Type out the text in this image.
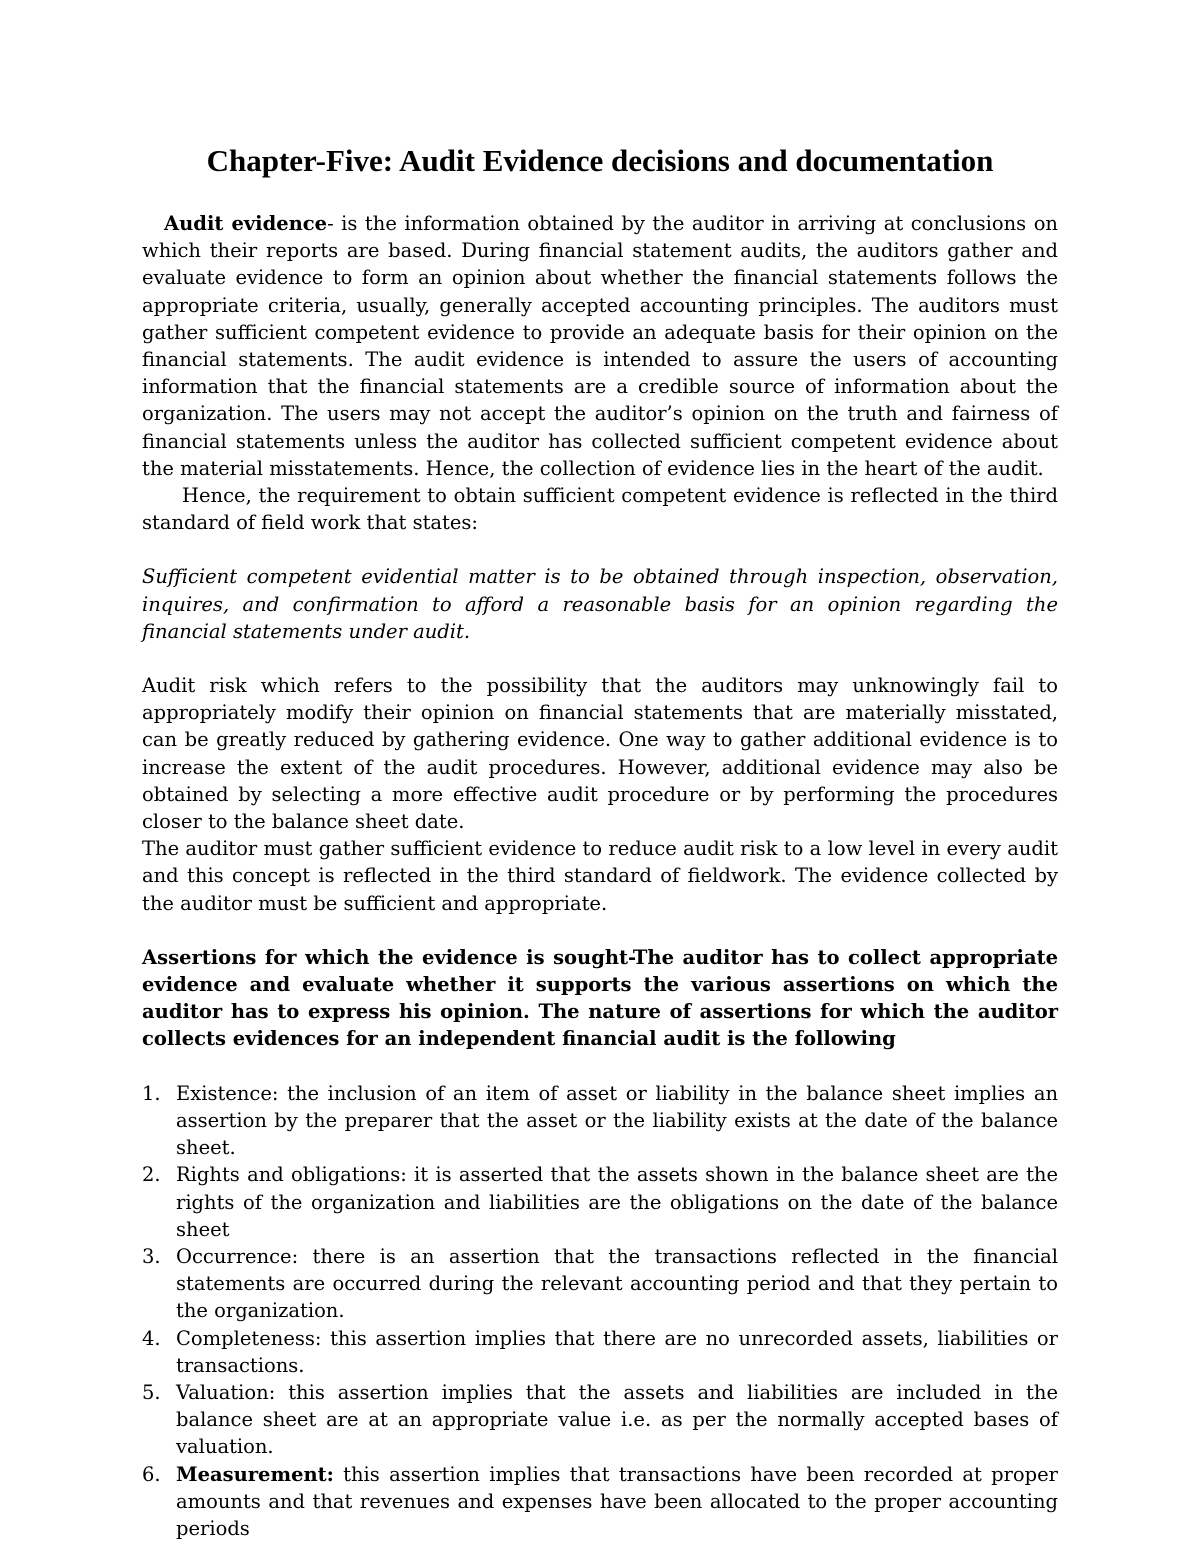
Chapter-Five: Audit Evidence decisions and documentation

Audit evidence- is the information obtained by the auditor in arriving at conclusions on which their reports are based. During financial statement audits, the auditors gather and evaluate evidence to form an opinion about whether the financial statements follows the appropriate criteria, usually, generally accepted accounting principles. The auditors must gather sufficient competent evidence to provide an adequate basis for their opinion on the financial statements. The audit evidence is intended to assure the users of accounting information that the financial statements are a credible source of information about the organization. The users may not accept the auditor’s opinion on the truth and fairness of financial statements unless the auditor has collected sufficient competent evidence about the material misstatements. Hence, the collection of evidence lies in the heart of the audit.

Hence, the requirement to obtain sufficient competent evidence is reflected in the third standard of field work that states:

Sufficient competent evidential matter is to be obtained through inspection, observation, inquires, and confirmation to afford a reasonable basis for an opinion regarding the financial statements under audit.

Audit risk which refers to the possibility that the auditors may unknowingly fail to appropriately modify their opinion on financial statements that are materially misstated, can be greatly reduced by gathering evidence. One way to gather additional evidence is to increase the extent of the audit procedures. However, additional evidence may also be obtained by selecting a more effective audit procedure or by performing the procedures closer to the balance sheet date.

The auditor must gather sufficient evidence to reduce audit risk to a low level in every audit and this concept is reflected in the third standard of fieldwork. The evidence collected by the auditor must be sufficient and appropriate.

Assertions for which the evidence is sought-The auditor has to collect appropriate evidence and evaluate whether it supports the various assertions on which the auditor has to express his opinion. The nature of assertions for which the auditor collects evidences for an independent financial audit is the following

1. Existence: the inclusion of an item of asset or liability in the balance sheet implies an assertion by the preparer that the asset or the liability exists at the date of the balance sheet.
2. Rights and obligations: it is asserted that the assets shown in the balance sheet are the rights of the organization and liabilities are the obligations on the date of the balance sheet
3. Occurrence: there is an assertion that the transactions reflected in the financial statements are occurred during the relevant accounting period and that they pertain to the organization.
4. Completeness: this assertion implies that there are no unrecorded assets, liabilities or transactions.
5. Valuation: this assertion implies that the assets and liabilities are included in the balance sheet are at an appropriate value i.e. as per the normally accepted bases of valuation.
6. Measurement: this assertion implies that transactions have been recorded at proper amounts and that revenues and expenses have been allocated to the proper accounting periods
